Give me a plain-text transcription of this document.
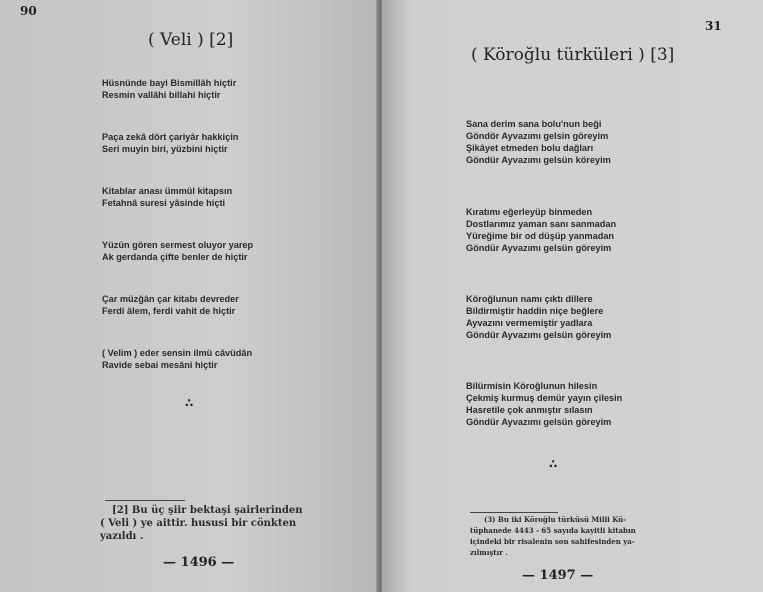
90
( Veli ) [2]
Hüsnünde bayi Bismillâh hiçtir
Resmin vallâhi billahi hiçtir
Paça zekâ dört çariyâr hakkiçin
Seri muyin biri, yüzbini hiçtir
Kitablar anası ümmül kitapsın
Fetahnâ suresi yâsinde hiçti
Yüzün gören sermest oluyor yarep
Ak gerdanda çifte benler de hiçtir
Çar müzğân çar kitabı devreder
Ferdi âlem, ferdi vahit de hiçtir
( Velim ) eder sensin ilmü câvüdân
Ravide sebai mesâni hiçtir
∴
[2] Bu üç şiir bektaşi şairlerinden
( Veli ) ye aittir. hususi bir cönkten
yazıldı .
— 1496 —
31
( Köroğlu türküleri ) [3]
Sana derim sana bolu'nun beği
Göndör Ayvazımı gelsin göreyim
Şikâyet etmeden bolu dağları
Göndür Ayvazımı gelsün köreyim
Kıratımı eğerleyüp binmeden
Dostlarımız yaman sanı sanmadan
Yüreğime bir od düşüp yanmadan
Göndür Ayvazımı gelsün göreyim
Köroğlunun namı çıktı dillere
Bildirmiştir haddin niçe beğlere
Ayvazını vermemiştir yadlara
Göndür Ayvazımı gelsün göreyim
Bilürmisin Köroğlunun hilesin
Çekmiş kurmuş demür yayın çilesin
Hasretile çok anmıştır sılasın
Göndür Ayvazımı gelsün göreyim
∴
(3) Bu iki Köroğlu türküsü Milli Kü-
tüphanede 4443 - 65 sayıda kayitli kitabın
içindeki bir risalenin son sahifesinden ya-
zılmıştır .
— 1497 —
